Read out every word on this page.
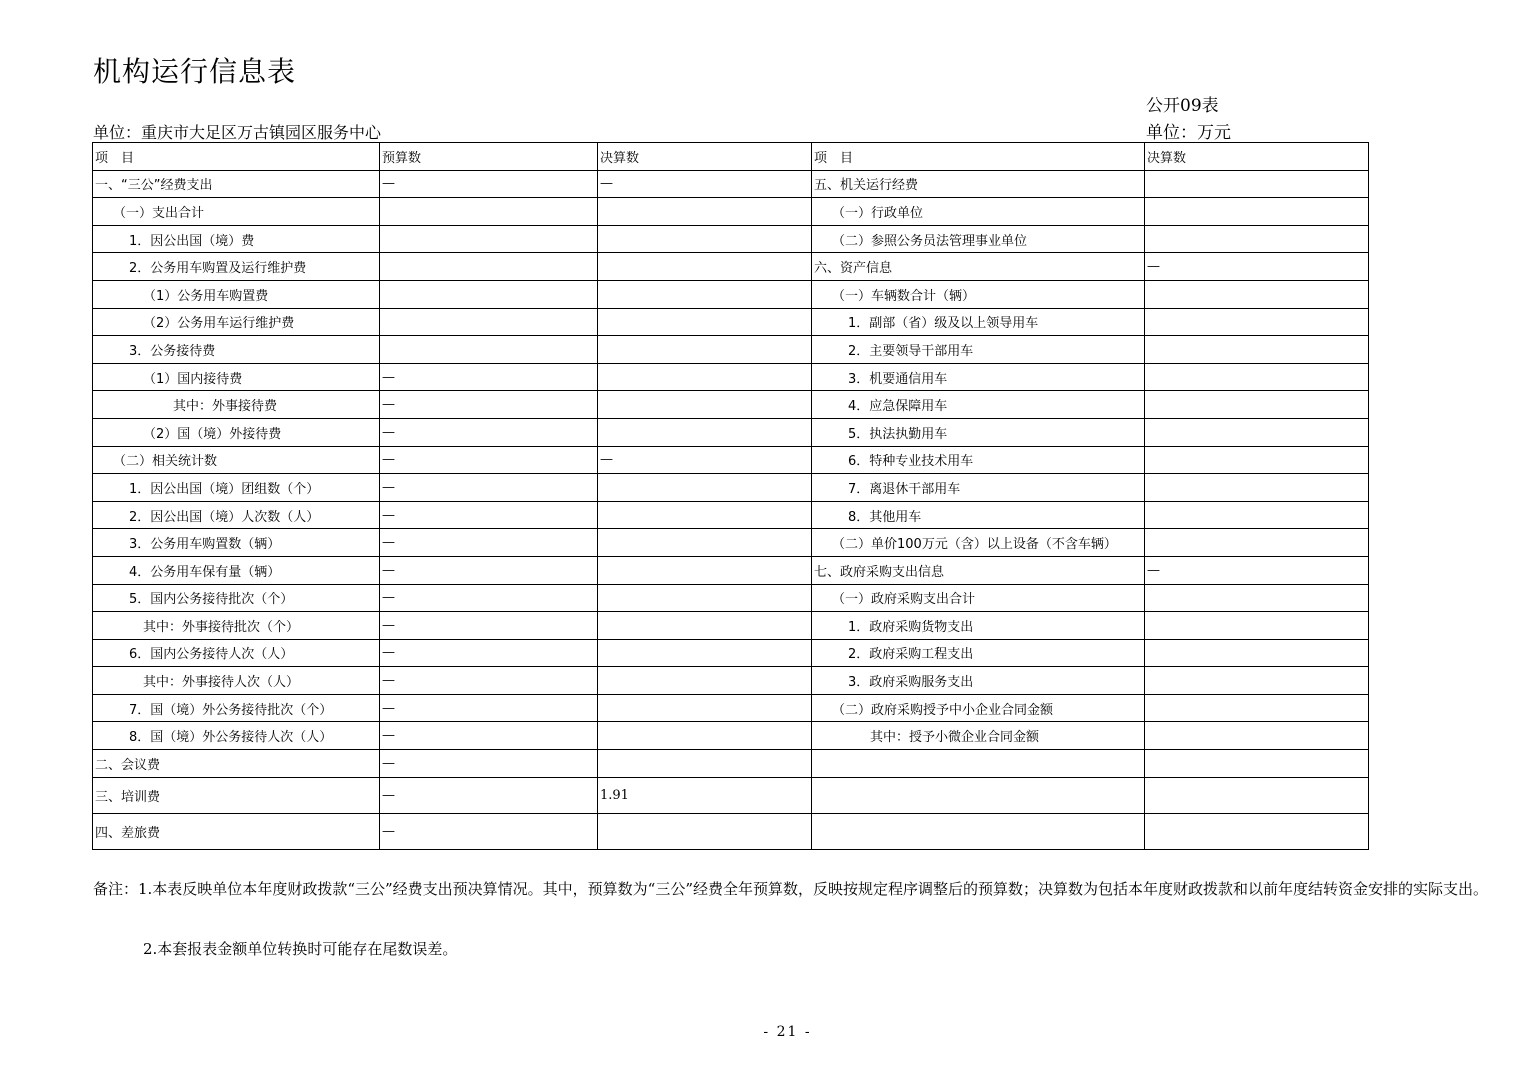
机构运行信息表
公开09表
单位：万元
单位：重庆市大足区万古镇园区服务中心
项　目	预算数	决算数	项　目	决算数
一、“三公”经费支出	—	—	五、机关运行经费	
（一）支出合计			（一）行政单位	
1．因公出国（境）费			（二）参照公务员法管理事业单位	
2．公务用车购置及运行维护费			六、资产信息	—
（1）公务用车购置费			（一）车辆数合计（辆）	
（2）公务用车运行维护费			1．副部（省）级及以上领导用车	
3．公务接待费			2．主要领导干部用车	
（1）国内接待费	—		3．机要通信用车	
其中：外事接待费	—		4．应急保障用车	
（2）国（境）外接待费	—		5．执法执勤用车	
（二）相关统计数	—	—	6．特种专业技术用车	
1．因公出国（境）团组数（个）	—		7．离退休干部用车	
2．因公出国（境）人次数（人）	—		8．其他用车	
3．公务用车购置数（辆）	—		（二）单价100万元（含）以上设备（不含车辆）	
4．公务用车保有量（辆）	—		七、政府采购支出信息	—
5．国内公务接待批次（个）	—		（一）政府采购支出合计	
其中：外事接待批次（个）	—		1．政府采购货物支出	
6．国内公务接待人次（人）	—		2．政府采购工程支出	
其中：外事接待人次（人）	—		3．政府采购服务支出	
7．国（境）外公务接待批次（个）	—		（二）政府采购授予中小企业合同金额	
8．国（境）外公务接待人次（人）	—		其中：授予小微企业合同金额	
二、会议费	—			
三、培训费	—	1.91		
四、差旅费	—			
备注：1.本表反映单位本年度财政拨款“三公”经费支出预决算情况。其中，预算数为“三公”经费全年预算数，反映按规定程序调整后的预算数；决算数为包括本年度财政拨款和以前年度结转资金安排的实际支出。
2.本套报表金额单位转换时可能存在尾数误差。
- 21 -
